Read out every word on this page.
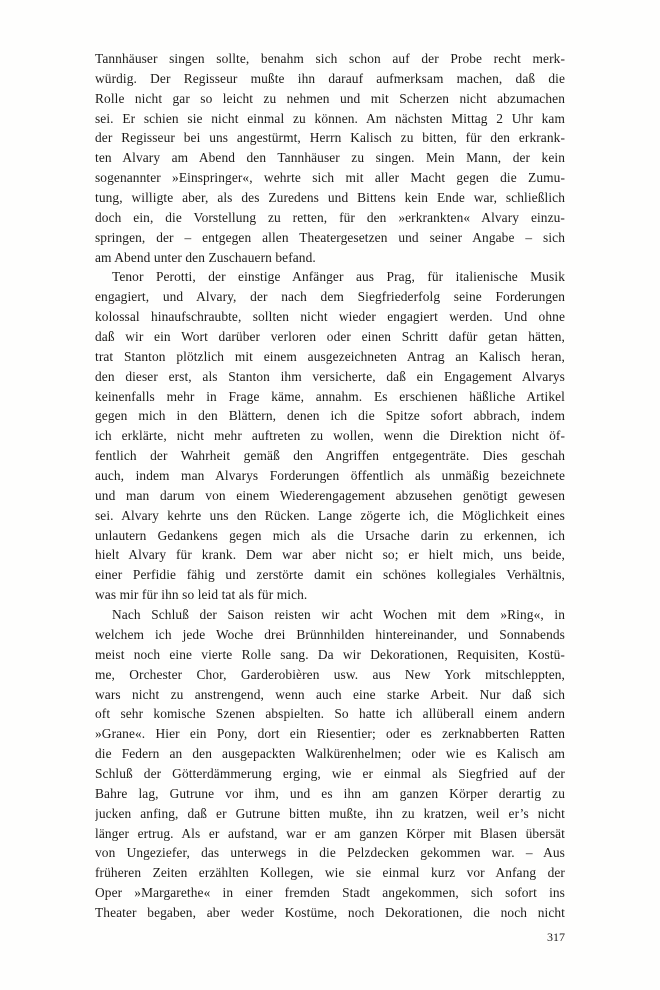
Tannhäuser singen sollte, benahm sich schon auf der Probe recht merk-
würdig. Der Regisseur mußte ihn darauf aufmerksam machen, daß die
Rolle nicht gar so leicht zu nehmen und mit Scherzen nicht abzumachen
sei. Er schien sie nicht einmal zu können. Am nächsten Mittag 2 Uhr kam
der Regisseur bei uns angestürmt, Herrn Kalisch zu bitten, für den erkrank-
ten Alvary am Abend den Tannhäuser zu singen. Mein Mann, der kein
sogenannter »Einspringer«, wehrte sich mit aller Macht gegen die Zumu-
tung, willigte aber, als des Zuredens und Bittens kein Ende war, schließlich
doch ein, die Vorstellung zu retten, für den »erkrankten« Alvary einzu-
springen, der – entgegen allen Theatergesetzen und seiner Angabe – sich
am Abend unter den Zuschauern befand.
Tenor Perotti, der einstige Anfänger aus Prag, für italienische Musik
engagiert, und Alvary, der nach dem Siegfriederfolg seine Forderungen
kolossal hinaufschraubte, sollten nicht wieder engagiert werden. Und ohne
daß wir ein Wort darüber verloren oder einen Schritt dafür getan hätten,
trat Stanton plötzlich mit einem ausgezeichneten Antrag an Kalisch heran,
den dieser erst, als Stanton ihm versicherte, daß ein Engagement Alvarys
keinenfalls mehr in Frage käme, annahm. Es erschienen häßliche Artikel
gegen mich in den Blättern, denen ich die Spitze sofort abbrach, indem
ich erklärte, nicht mehr auftreten zu wollen, wenn die Direktion nicht öf-
fentlich der Wahrheit gemäß den Angriffen entgegenträte. Dies geschah
auch, indem man Alvarys Forderungen öffentlich als unmäßig bezeichnete
und man darum von einem Wiederengagement abzusehen genötigt gewesen
sei. Alvary kehrte uns den Rücken. Lange zögerte ich, die Möglichkeit eines
unlautern Gedankens gegen mich als die Ursache darin zu erkennen, ich
hielt Alvary für krank. Dem war aber nicht so; er hielt mich, uns beide,
einer Perfidie fähig und zerstörte damit ein schönes kollegiales Verhältnis,
was mir für ihn so leid tat als für mich.
Nach Schluß der Saison reisten wir acht Wochen mit dem »Ring«, in
welchem ich jede Woche drei Brünnhilden hintereinander, und Sonnabends
meist noch eine vierte Rolle sang. Da wir Dekorationen, Requisiten, Kostü-
me, Orchester Chor, Garderobièren usw. aus New York mitschleppten,
wars nicht zu anstrengend, wenn auch eine starke Arbeit. Nur daß sich
oft sehr komische Szenen abspielten. So hatte ich allüberall einem andern
»Grane«. Hier ein Pony, dort ein Riesentier; oder es zerknabberten Ratten
die Federn an den ausgepackten Walkürenhelmen; oder wie es Kalisch am
Schluß der Götterdämmerung erging, wie er einmal als Siegfried auf der
Bahre lag, Gutrune vor ihm, und es ihn am ganzen Körper derartig zu
jucken anfing, daß er Gutrune bitten mußte, ihn zu kratzen, weil er’s nicht
länger ertrug. Als er aufstand, war er am ganzen Körper mit Blasen übersät
von Ungeziefer, das unterwegs in die Pelzdecken gekommen war. – Aus
früheren Zeiten erzählten Kollegen, wie sie einmal kurz vor Anfang der
Oper »Margarethe« in einer fremden Stadt angekommen, sich sofort ins
Theater begaben, aber weder Kostüme, noch Dekorationen, die noch nicht
317
